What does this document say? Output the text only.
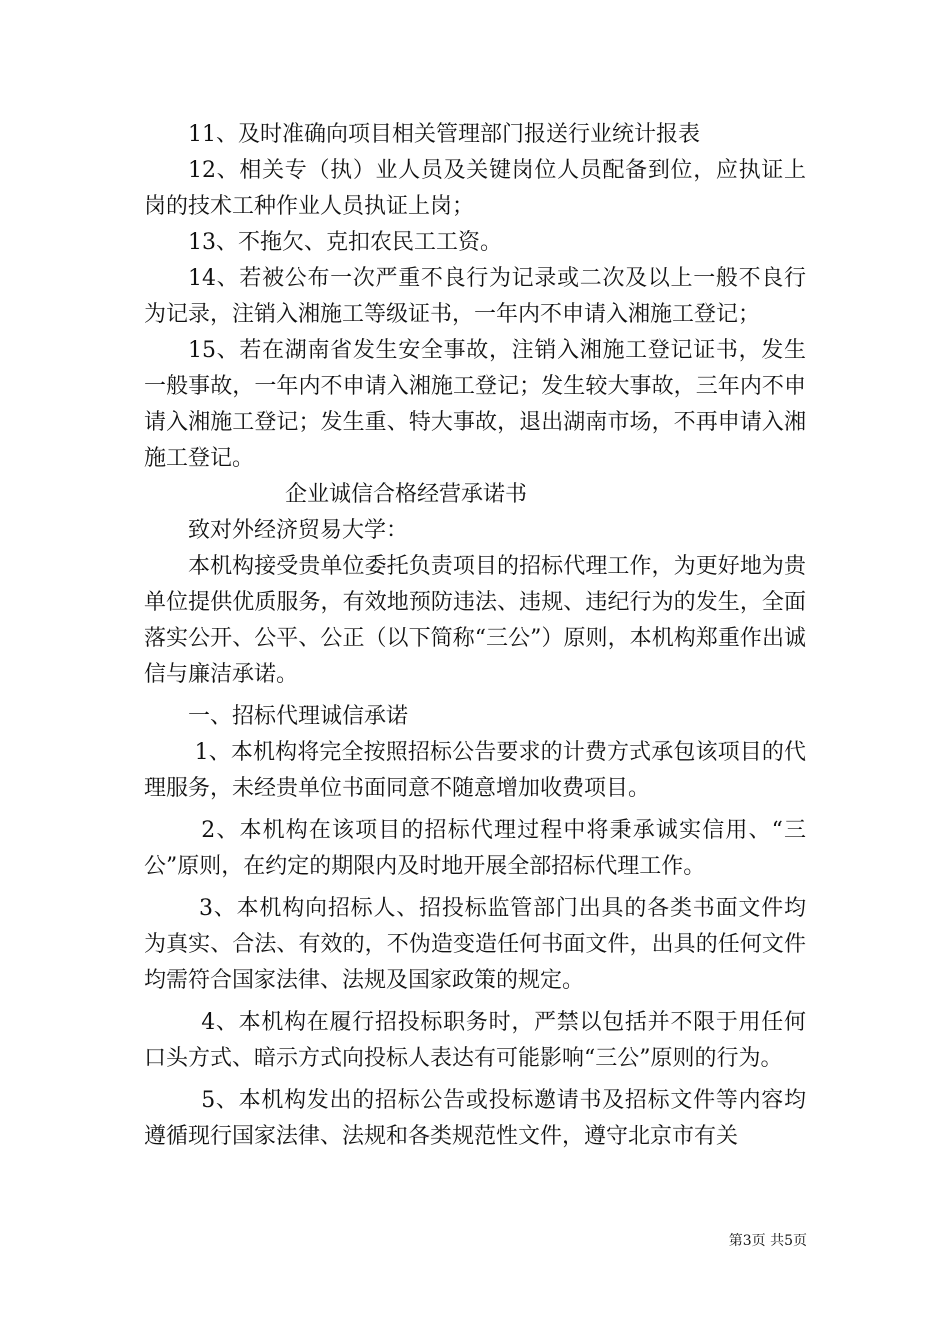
11、及时准确向项目相关管理部门报送行业统计报表

12、相关专（执）业人员及关键岗位人员配备到位，应执证上岗的技术工种作业人员执证上岗；

13、不拖欠、克扣农民工工资。

14、若被公布一次严重不良行为记录或二次及以上一般不良行为记录，注销入湘施工等级证书，一年内不申请入湘施工登记；

15、若在湖南省发生安全事故，注销入湘施工登记证书，发生一般事故，一年内不申请入湘施工登记；发生较大事故，三年内不申请入湘施工登记；发生重、特大事故，退出湖南市场，不再申请入湘施工登记。

企业诚信合格经营承诺书

致对外经济贸易大学：

本机构接受贵单位委托负责项目的招标代理工作，为更好地为贵单位提供优质服务，有效地预防违法、违规、违纪行为的发生，全面落实公开、公平、公正（以下简称“三公”）原则，本机构郑重作出诚信与廉洁承诺。

一、招标代理诚信承诺

1、本机构将完全按照招标公告要求的计费方式承包该项目的代理服务，未经贵单位书面同意不随意增加收费项目。

2、本机构在该项目的招标代理过程中将秉承诚实信用、“三公”原则，在约定的期限内及时地开展全部招标代理工作。

3、本机构向招标人、招投标监管部门出具的各类书面文件均为真实、合法、有效的，不伪造变造任何书面文件，出具的任何文件均需符合国家法律、法规及国家政策的规定。

4、本机构在履行招投标职务时，严禁以包括并不限于用任何口头方式、暗示方式向投标人表达有可能影响“三公”原则的行为。

5、本机构发出的招标公告或投标邀请书及招标文件等内容均遵循现行国家法律、法规和各类规范性文件，遵守北京市有关

第3页 共5页
